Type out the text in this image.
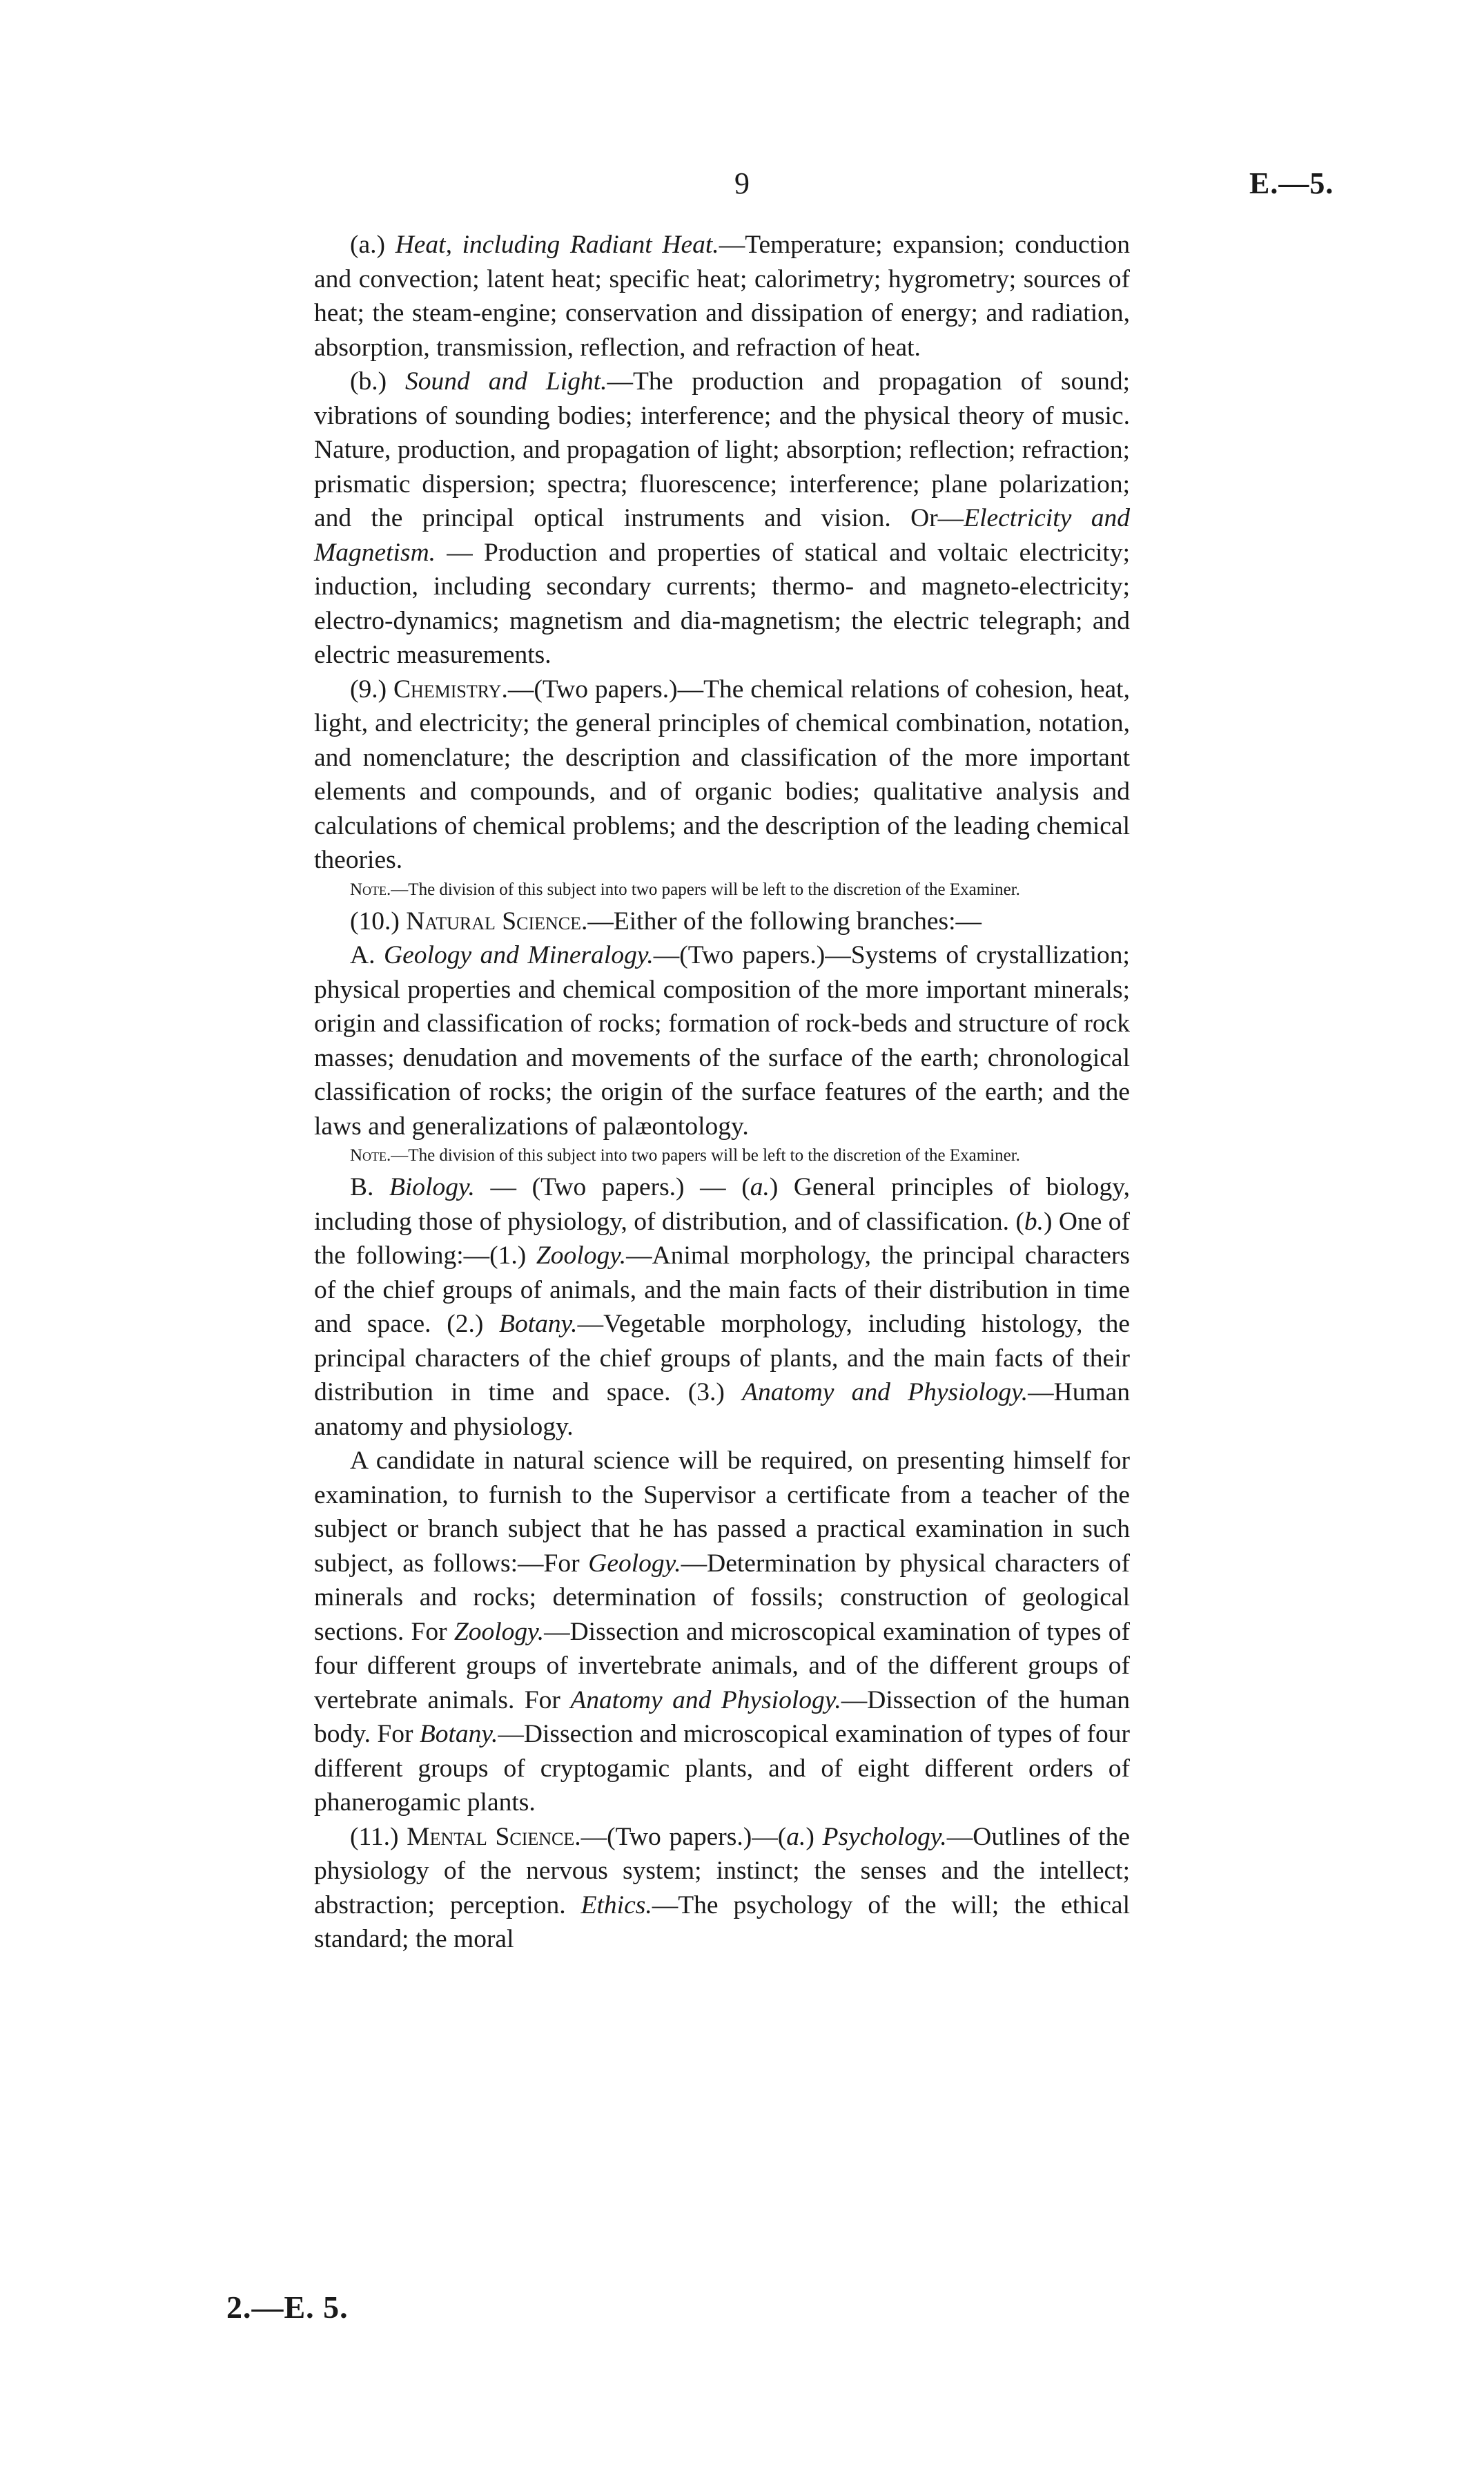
9	E.—5.

(a.) Heat, including Radiant Heat.—Temperature; expansion; conduction and convection; latent heat; specific heat; calorimetry; hygrometry; sources of heat; the steam-engine; conservation and dissipation of energy; and radiation, absorption, transmission, reflection, and refraction of heat.

(b.) Sound and Light.—The production and propagation of sound; vibrations of sounding bodies; interference; and the physical theory of music. Nature, production, and propagation of light; absorption; reflection; refraction; prismatic dispersion; spectra; fluorescence; interference; plane polarization; and the principal optical instruments and vision. Or—Electricity and Magnetism. — Production and properties of statical and voltaic electricity; induction, including secondary currents; thermo- and magneto-electricity; electro-dynamics; magnetism and dia-magnetism; the electric telegraph; and electric measurements.

(9.) Chemistry.—(Two papers.)—The chemical relations of cohesion, heat, light, and electricity; the general principles of chemical combination, notation, and nomenclature; the description and classification of the more important elements and compounds, and of organic bodies; qualitative analysis and calculations of chemical problems; and the description of the leading chemical theories.

Note.—The division of this subject into two papers will be left to the discretion of the Examiner.

(10.) Natural Science.—Either of the following branches:—

A. Geology and Mineralogy.—(Two papers.)—Systems of crystallization; physical properties and chemical composition of the more important minerals; origin and classification of rocks; formation of rock-beds and structure of rock masses; denudation and movements of the surface of the earth; chronological classification of rocks; the origin of the surface features of the earth; and the laws and generalizations of palæontology.

Note.—The division of this subject into two papers will be left to the discretion of the Examiner.

B. Biology. — (Two papers.) — (a.) General principles of biology, including those of physiology, of distribution, and of classification. (b.) One of the following:—(1.) Zoology.—Animal morphology, the principal characters of the chief groups of animals, and the main facts of their distribution in time and space. (2.) Botany.—Vegetable morphology, including histology, the principal characters of the chief groups of plants, and the main facts of their distribution in time and space. (3.) Anatomy and Physiology.—Human anatomy and physiology.

A candidate in natural science will be required, on presenting himself for examination, to furnish to the Supervisor a certificate from a teacher of the subject or branch subject that he has passed a practical examination in such subject, as follows:—For Geology.—Determination by physical characters of minerals and rocks; determination of fossils; construction of geological sections. For Zoology.—Dissection and microscopical examination of types of four different groups of invertebrate animals, and of the different groups of vertebrate animals. For Anatomy and Physiology.—Dissection of the human body. For Botany.—Dissection and microscopical examination of types of four different groups of cryptogamic plants, and of eight different orders of phanerogamic plants.

(11.) Mental Science.—(Two papers.)—(a.) Psychology.—Outlines of the physiology of the nervous system; instinct; the senses and the intellect; abstraction; perception. Ethics.—The psychology of the will; the ethical standard; the moral

2.—E. 5.
